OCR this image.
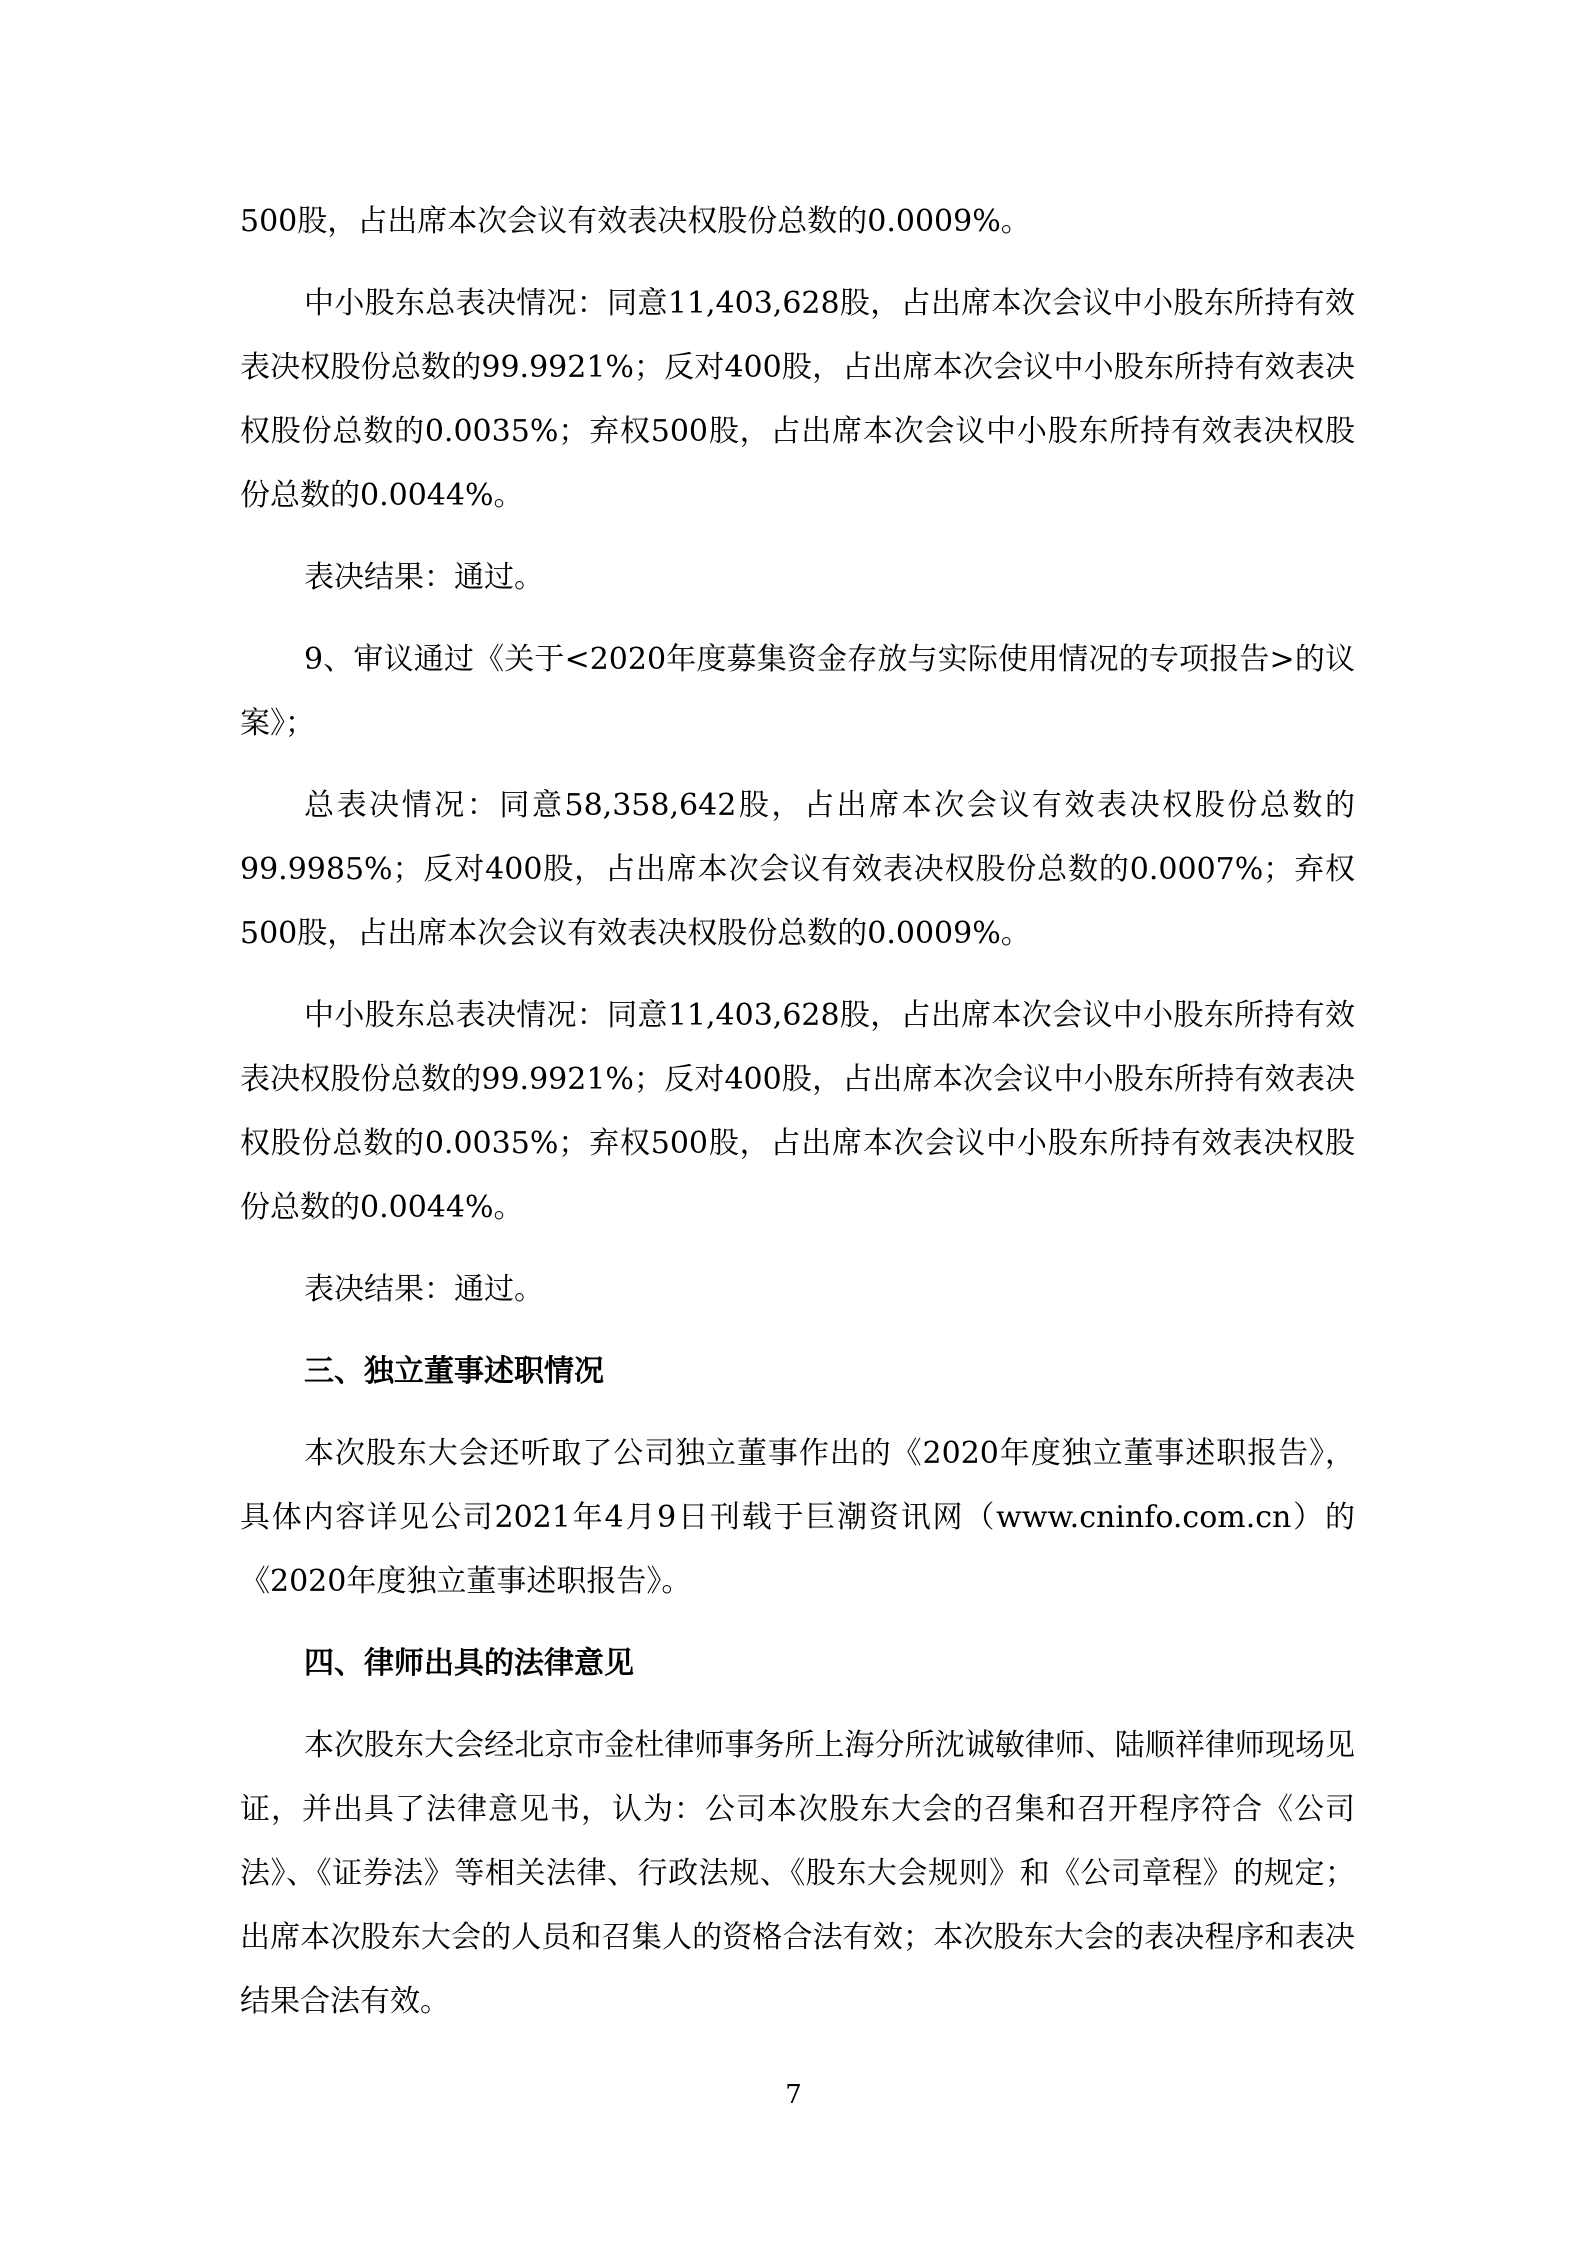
500股，占出席本次会议有效表决权股份总数的0.0009%。

中小股东总表决情况：同意11,403,628股，占出席本次会议中小股东所持有效表决权股份总数的99.9921%；反对400股，占出席本次会议中小股东所持有效表决权股份总数的0.0035%；弃权500股，占出席本次会议中小股东所持有效表决权股份总数的0.0044%。

表决结果：通过。

9、审议通过《关于<2020年度募集资金存放与实际使用情况的专项报告>的议案》；

总表决情况：同意58,358,642股，占出席本次会议有效表决权股份总数的99.9985%；反对400股，占出席本次会议有效表决权股份总数的0.0007%；弃权500股，占出席本次会议有效表决权股份总数的0.0009%。

中小股东总表决情况：同意11,403,628股，占出席本次会议中小股东所持有效表决权股份总数的99.9921%；反对400股，占出席本次会议中小股东所持有效表决权股份总数的0.0035%；弃权500股，占出席本次会议中小股东所持有效表决权股份总数的0.0044%。

表决结果：通过。

三、独立董事述职情况

本次股东大会还听取了公司独立董事作出的《2020年度独立董事述职报告》，具体内容详见公司2021年4月9日刊载于巨潮资讯网（www.cninfo.com.cn）的《2020年度独立董事述职报告》。

四、律师出具的法律意见

本次股东大会经北京市金杜律师事务所上海分所沈诚敏律师、陆顺祥律师现场见证，并出具了法律意见书，认为：公司本次股东大会的召集和召开程序符合《公司法》、《证券法》等相关法律、行政法规、《股东大会规则》和《公司章程》的规定；出席本次股东大会的人员和召集人的资格合法有效；本次股东大会的表决程序和表决结果合法有效。

7
